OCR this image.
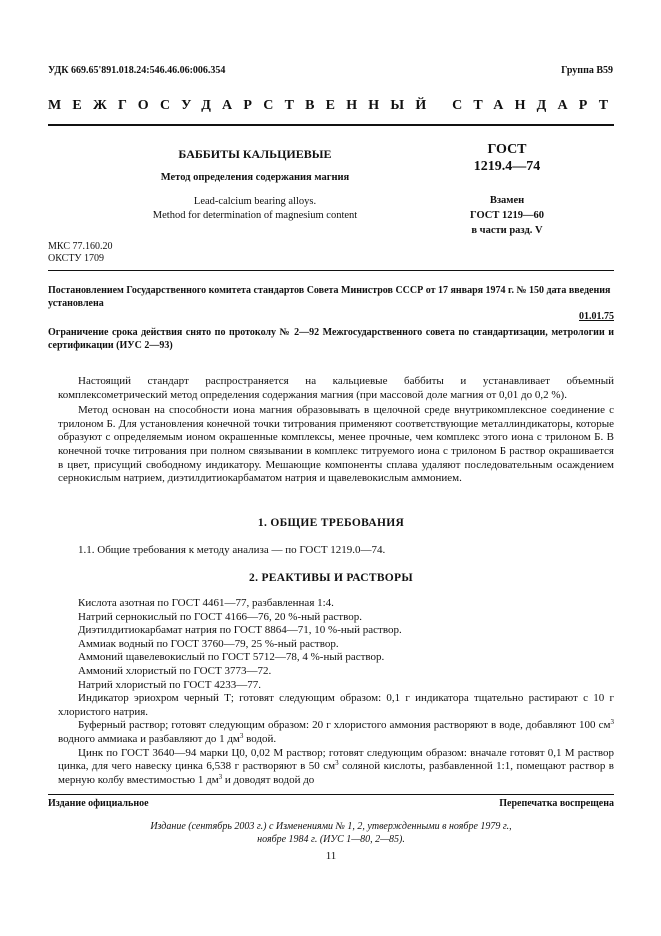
УДК 669.65'891.018.24:546.46.06:006.354	Группа В59
МЕЖГОСУДАРСТВЕННЫЙ СТАНДАРТ
БАББИТЫ КАЛЬЦИЕВЫЕ
Метод определения содержания магния
Lead-calcium bearing alloys.
Method for determination of magnesium content
ГОСТ
1219.4—74
Взамен
ГОСТ 1219—60
в части разд. V
МКС 77.160.20
ОКСТУ 1709
Постановлением Государственного комитета стандартов Совета Министров СССР от 17 января 1974 г. № 150 дата введения установлена
01.01.75
Ограничение срока действия снято по протоколу № 2—92 Межгосударственного совета по стандартизации, метрологии и сертификации (ИУС 2—93)

Настоящий стандарт распространяется на кальциевые баббиты и устанавливает объемный комплексометрический метод определения содержания магния (при массовой доле магния от 0,01 до 0,2 %).

Метод основан на способности иона магния образовывать в щелочной среде внутрикомплексное соединение с трилоном Б. Для установления конечной точки титрования применяют соответствующие металлиндикаторы, которые образуют с определяемым ионом окрашенные комплексы, менее прочные, чем комплекс этого иона с трилоном Б. В конечной точке титрования при полном связывании в комплекс титруемого иона с трилоном Б раствор окрашивается в цвет, присущий свободному индикатору. Мешающие компоненты сплава удаляют последовательным осаждением сернокислым натрием, диэтилдитиокарбаматом натрия и щавелевокислым аммонием.

1. ОБЩИЕ ТРЕБОВАНИЯ
1.1. Общие требования к методу анализа — по ГОСТ 1219.0—74.
2. РЕАКТИВЫ И РАСТВОРЫ
Кислота азотная по ГОСТ 4461—77, разбавленная 1:4.
Натрий сернокислый по ГОСТ 4166—76, 20 %-ный раствор.
Диэтилдитиокарбамат натрия по ГОСТ 8864—71, 10 %-ный раствор.
Аммиак водный по ГОСТ 3760—79, 25 %-ный раствор.
Аммоний щавелевокислый по ГОСТ 5712—78, 4 %-ный раствор.
Аммоний хлористый по ГОСТ 3773—72.
Натрий хлористый по ГОСТ 4233—77.
Индикатор эриохром черный Т; готовят следующим образом: 0,1 г индикатора тщательно растирают с 10 г хлористого натрия.
Буферный раствор; готовят следующим образом: 20 г хлористого аммония растворяют в воде, добавляют 100 $см^3$ водного аммиака и разбавляют до 1 $дм^3$ водой.
Цинк по ГОСТ 3640—94 марки Ц0, 0,02 М раствор; готовят следующим образом: вначале готовят 0,1 М раствор цинка, для чего навеску цинка 6,538 г растворяют в 50 $см^3$ соляной кислоты, разбавленной 1:1, помещают раствор в мерную колбу вместимостью 1 $дм^3$ и доводят водой до
Издание официальное	Перепечатка воспрещена
Издание (сентябрь 2003 г.) с Изменениями № 1, 2, утвержденными в ноябре 1979 г.,
ноябре 1984 г. (ИУС 1—80, 2—85).
11
